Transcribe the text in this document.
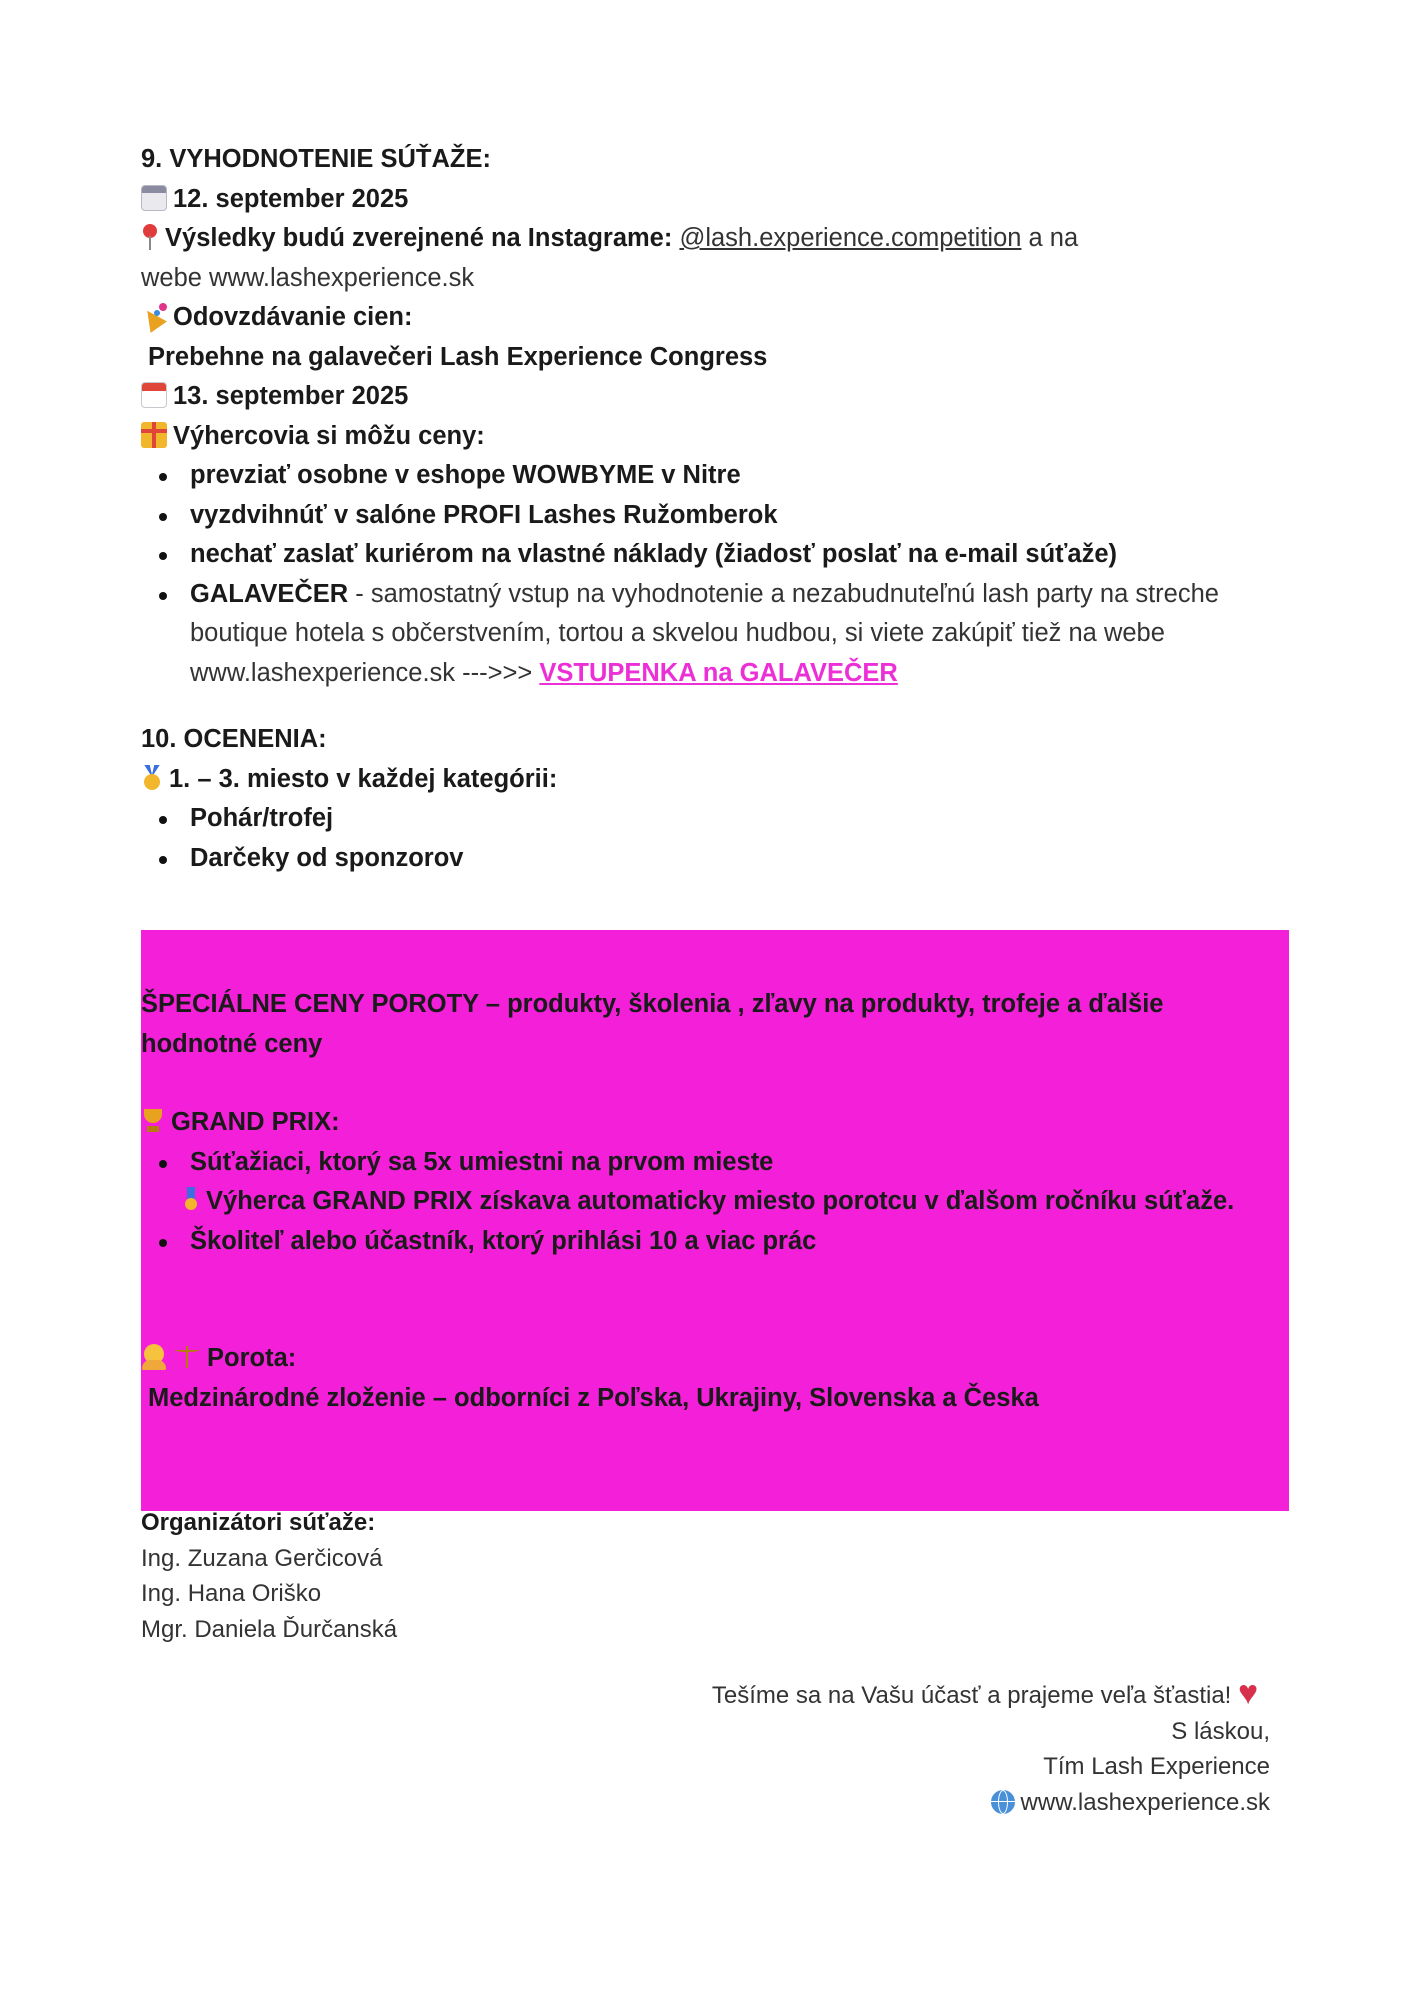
9. VYHODNOTENIE SÚŤAŽE:
12. september 2025
Výsledky budú zverejnené na Instagrame: @lash.experience.competition a na
webe www.lashexperience.sk
Odovzdávanie cien:
Prebehne na galavečeri Lash Experience Congress
13. september 2025
Výhercovia si môžu ceny:
prevziať osobne v eshope WOWBYME v Nitre
vyzdvihnúť v salóne PROFI Lashes Ružomberok
nechať zaslať kuriérom na vlastné náklady (žiadosť poslať na e-mail súťaže)
GALAVEČER - samostatný vstup na vyhodnotenie a nezabudnuteľnú lash party na streche boutique hotela s občerstvením, tortou a skvelou hudbou, si viete zakúpiť tiež na webe www.lashexperience.sk --->>> VSTUPENKA na GALAVEČER
10. OCENENIA:
1. – 3. miesto v každej kategórii:
Pohár/trofej
Darčeky od sponzorov
ŠPECIÁLNE CENY POROTY – produkty, školenia , zľavy na produkty, trofeje a ďalšie hodnotné ceny
GRAND PRIX:
Súťažiaci, ktorý sa 5x umiestni na prvom mieste
Výherca GRAND PRIX získava automaticky miesto porotcu v ďalšom ročníku súťaže.
Školiteľ alebo účastník, ktorý prihlási 10 a viac prác
Porota:
Medzinárodné zloženie – odborníci z Poľska, Ukrajiny, Slovenska a Česka
Organizátori súťaže:
Ing. Zuzana Gerčicová
Ing. Hana Oriško
Mgr. Daniela Ďurčanská
Tešíme sa na Vašu účasť a prajeme veľa šťastia! ♥
S láskou,
Tím Lash Experience
www.lashexperience.sk
